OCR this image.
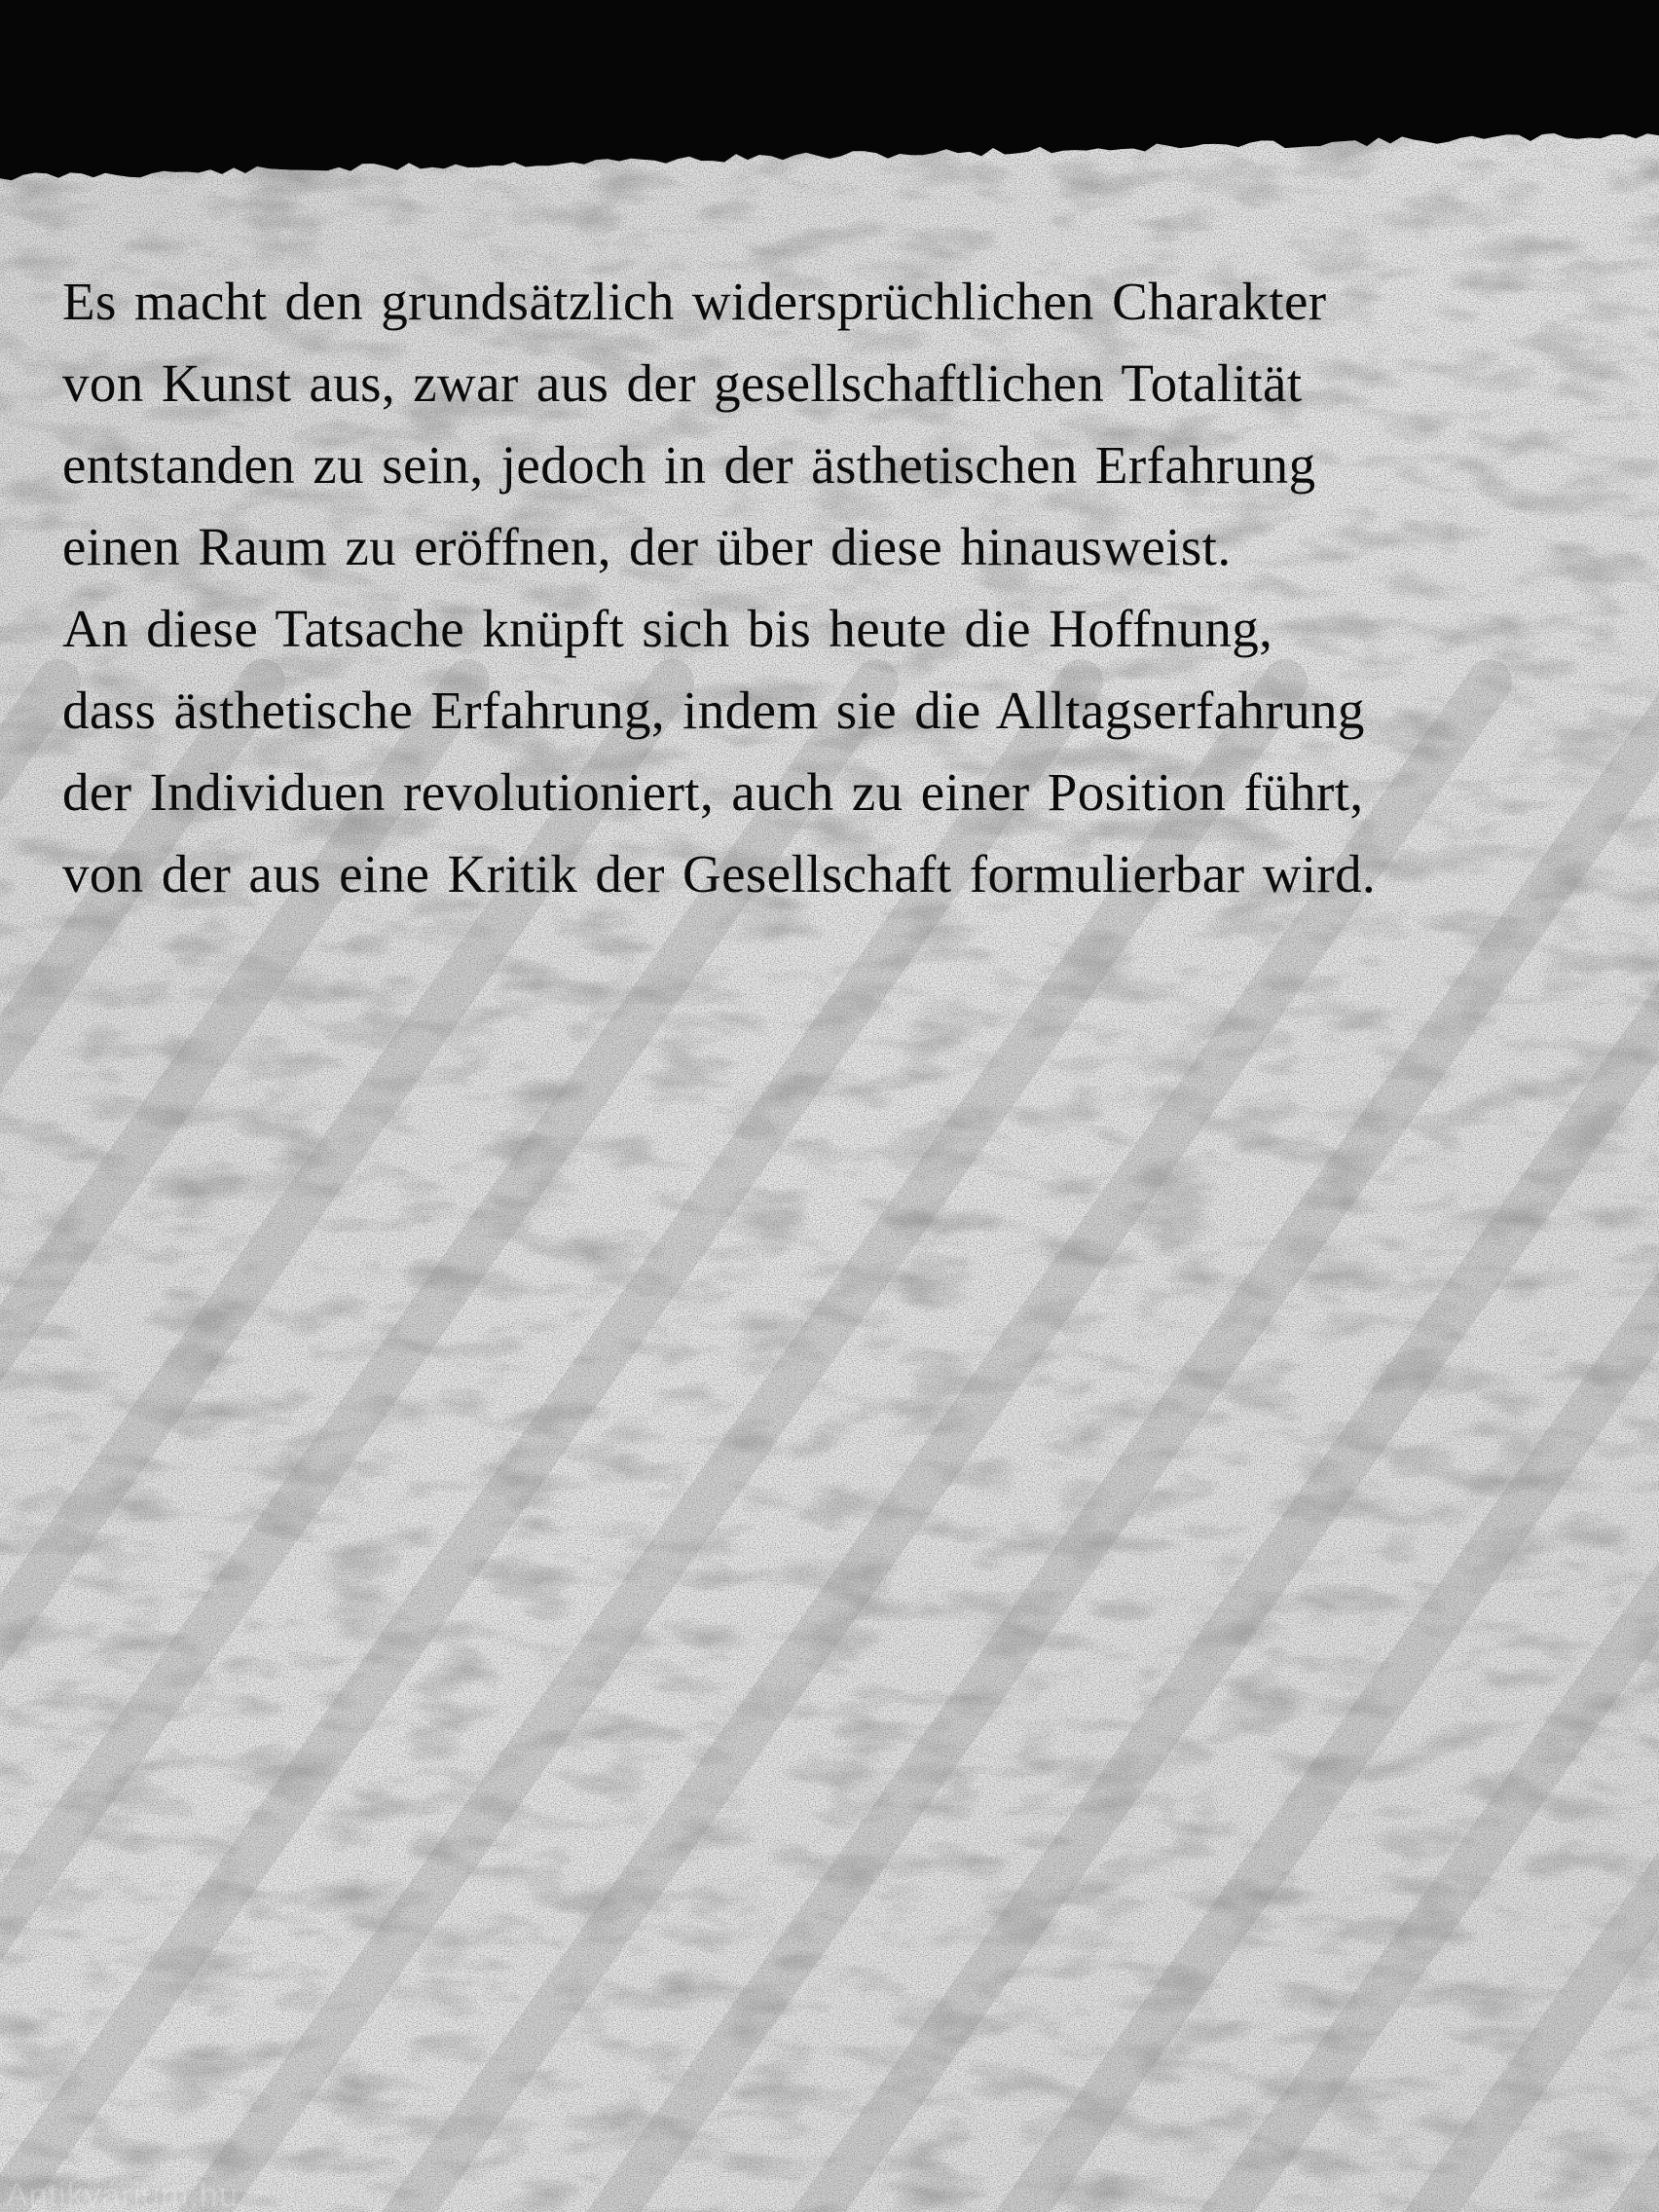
Es macht den grundsätzlich widersprüchlichen Charakter
von Kunst aus, zwar aus der gesellschaftlichen Totalität
entstanden zu sein, jedoch in der ästhetischen Erfahrung
einen Raum zu eröffnen, der über diese hinausweist.
An diese Tatsache knüpft sich bis heute die Hoffnung,
dass ästhetische Erfahrung, indem sie die Alltagserfahrung
der Individuen revolutioniert, auch zu einer Position führt,
von der aus eine Kritik der Gesellschaft formulierbar wird.
Antikvárium.hu
